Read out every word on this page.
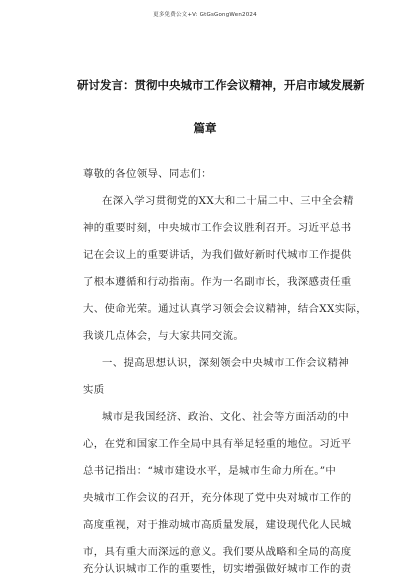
更多免费公文+V: GtGsGongWen2024
研讨发言：贯彻中央城市工作会议精神，开启市域发展新
篇章
尊敬的各位领导、同志们：
在深入学习贯彻党的XX大和二十届二中、三中全会精
神的重要时刻，中央城市工作会议胜利召开。习近平总书
记在会议上的重要讲话，为我们做好新时代城市工作提供
了根本遵循和行动指南。作为一名副市长，我深感责任重
大、使命光荣。通过认真学习领会会议精神，结合XX实际，
我谈几点体会，与大家共同交流。
一、提高思想认识，深刻领会中央城市工作会议精神
实质
城市是我国经济、政治、文化、社会等方面活动的中
心，在党和国家工作全局中具有举足轻重的地位。习近平
总书记指出：“城市建设水平，是城市生命力所在。”中
央城市工作会议的召开，充分体现了党中央对城市工作的
高度重视，对于推动城市高质量发展，建设现代化人民城
市，具有重大而深远的意义。我们要从战略和全局的高度
充分认识城市工作的重要性，切实增强做好城市工作的责
